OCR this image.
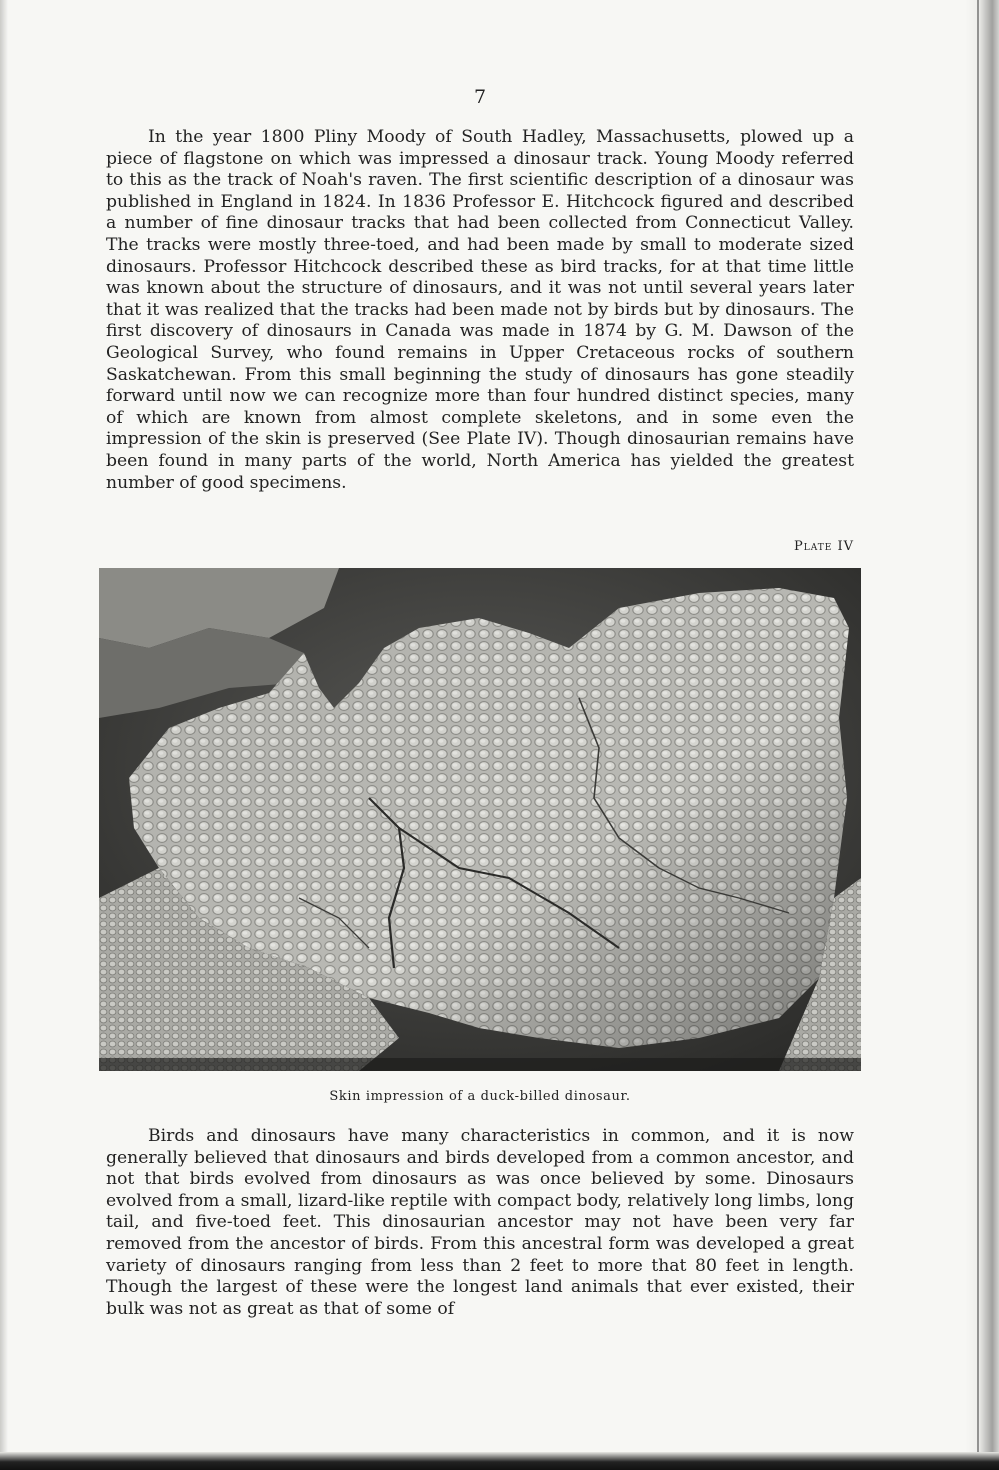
7

In the year 1800 Pliny Moody of South Hadley, Massachusetts, plowed up a piece of flagstone on which was impressed a dinosaur track. Young Moody referred to this as the track of Noah's raven. The first scientific description of a dinosaur was published in England in 1824. In 1836 Professor E. Hitchcock figured and described a number of fine dinosaur tracks that had been collected from Connecticut Valley. The tracks were mostly three-toed, and had been made by small to moderate sized dinosaurs. Professor Hitchcock described these as bird tracks, for at that time little was known about the structure of dinosaurs, and it was not until several years later that it was realized that the tracks had been made not by birds but by dinosaurs. The first discovery of dinosaurs in Canada was made in 1874 by G. M. Dawson of the Geological Survey, who found remains in Upper Cretaceous rocks of southern Saskatchewan. From this small beginning the study of dinosaurs has gone steadily forward until now we can recognize more than four hundred distinct species, many of which are known from almost complete skeletons, and in some even the impression of the skin is preserved (See Plate IV). Though dinosaurian remains have been found in many parts of the world, North America has yielded the greatest number of good specimens.

Plate IV
Skin impression of a duck-billed dinosaur.

Birds and dinosaurs have many characteristics in common, and it is now generally believed that dinosaurs and birds developed from a common ancestor, and not that birds evolved from dinosaurs as was once believed by some. Dinosaurs evolved from a small, lizard-like reptile with compact body, relatively long limbs, long tail, and five-toed feet. This dinosaurian ancestor may not have been very far removed from the ancestor of birds. From this ancestral form was developed a great variety of dinosaurs ranging from less than 2 feet to more that 80 feet in length. Though the largest of these were the longest land animals that ever existed, their bulk was not as great as that of some of
